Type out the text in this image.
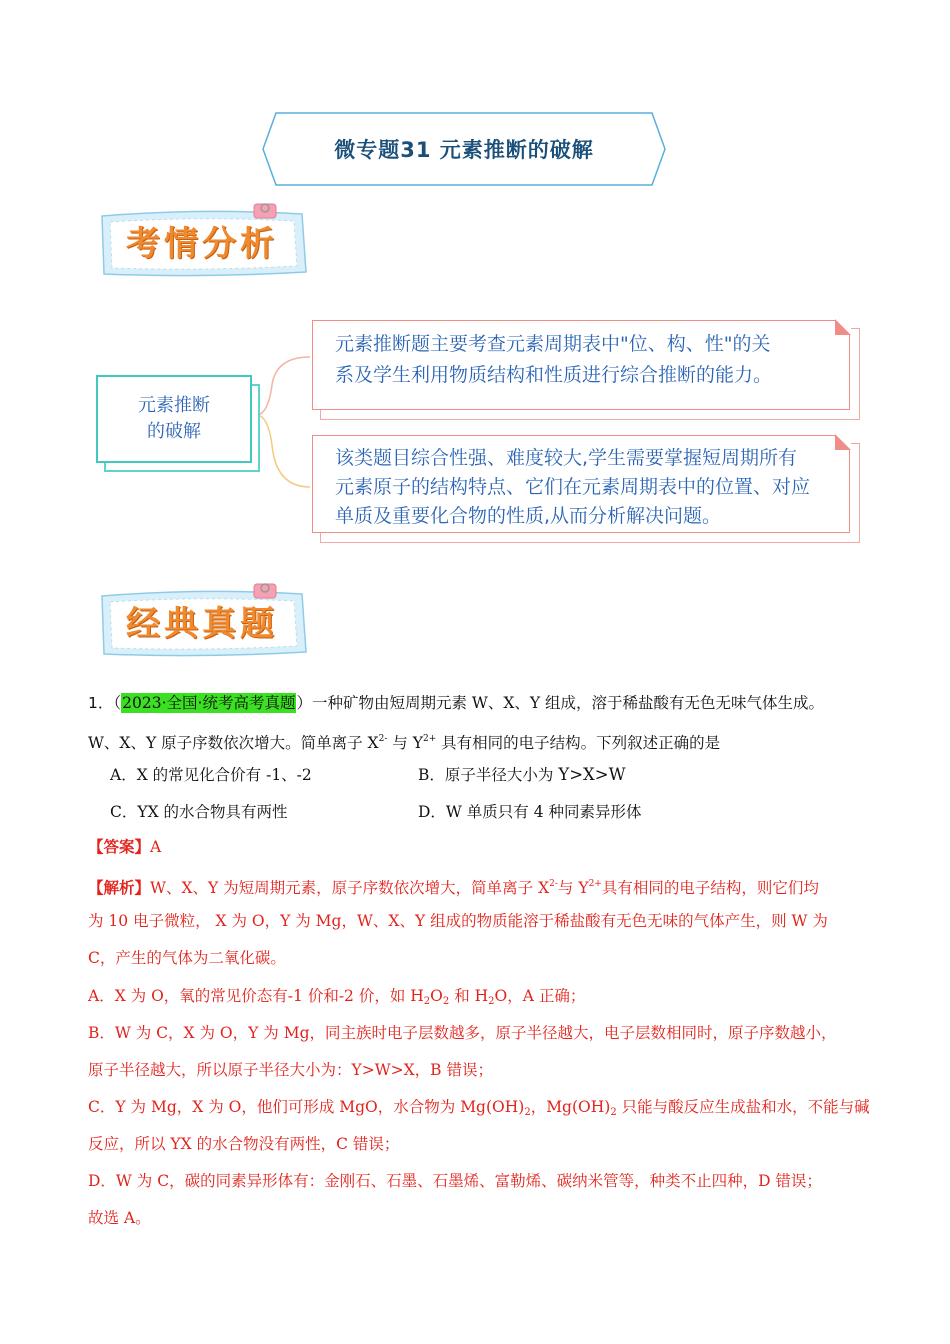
微专题31 元素推断的破解
考情分析
元素推断
的破解
元素推断题主要考查元素周期表中"位、构、性"的关
系及学生利用物质结构和性质进行综合推断的能力。
该类题目综合性强、难度较大,学生需要掌握短周期所有
元素原子的结构特点、它们在元素周期表中的位置、对应
单质及重要化合物的性质,从而分析解决问题。
经典真题
1．（2023·全国·统考高考真题）一种矿物由短周期元素 W、X、Y 组成，溶于稀盐酸有无色无味气体生成。
W、X、Y 原子序数依次增大。简单离子 $X^{2-}$ 与 $Y^{2+}$ 具有相同的电子结构。下列叙述正确的是
A．X 的常见化合价有 -1、-2	B．原子半径大小为 Y>X>W
C．YX 的水合物具有两性	D．W 单质只有 4 种同素异形体
【答案】A
【解析】W、X、Y 为短周期元素，原子序数依次增大，简单离子 $X^{2-}$与 $Y^{2+}$具有相同的电子结构，则它们均
为 10 电子微粒， X 为 O，Y 为 Mg，W、X、Y 组成的物质能溶于稀盐酸有无色无味的气体产生，则 W 为
C，产生的气体为二氧化碳。
A．X 为 O，氧的常见价态有-1 价和-2 价，如 $H_2O_2$ 和 $H_2O$，A 正确；
B．W 为 C，X 为 O，Y 为 Mg，同主族时电子层数越多，原子半径越大，电子层数相同时，原子序数越小，
原子半径越大，所以原子半径大小为：Y>W>X，B 错误；
C．Y 为 Mg，X 为 O，他们可形成 MgO，水合物为 $Mg(OH)_2$，$Mg(OH)_2$ 只能与酸反应生成盐和水，不能与碱
反应，所以 YX 的水合物没有两性，C 错误；
D．W 为 C，碳的同素异形体有：金刚石、石墨、石墨烯、富勒烯、碳纳米管等，种类不止四种，D 错误；
故选 A。
